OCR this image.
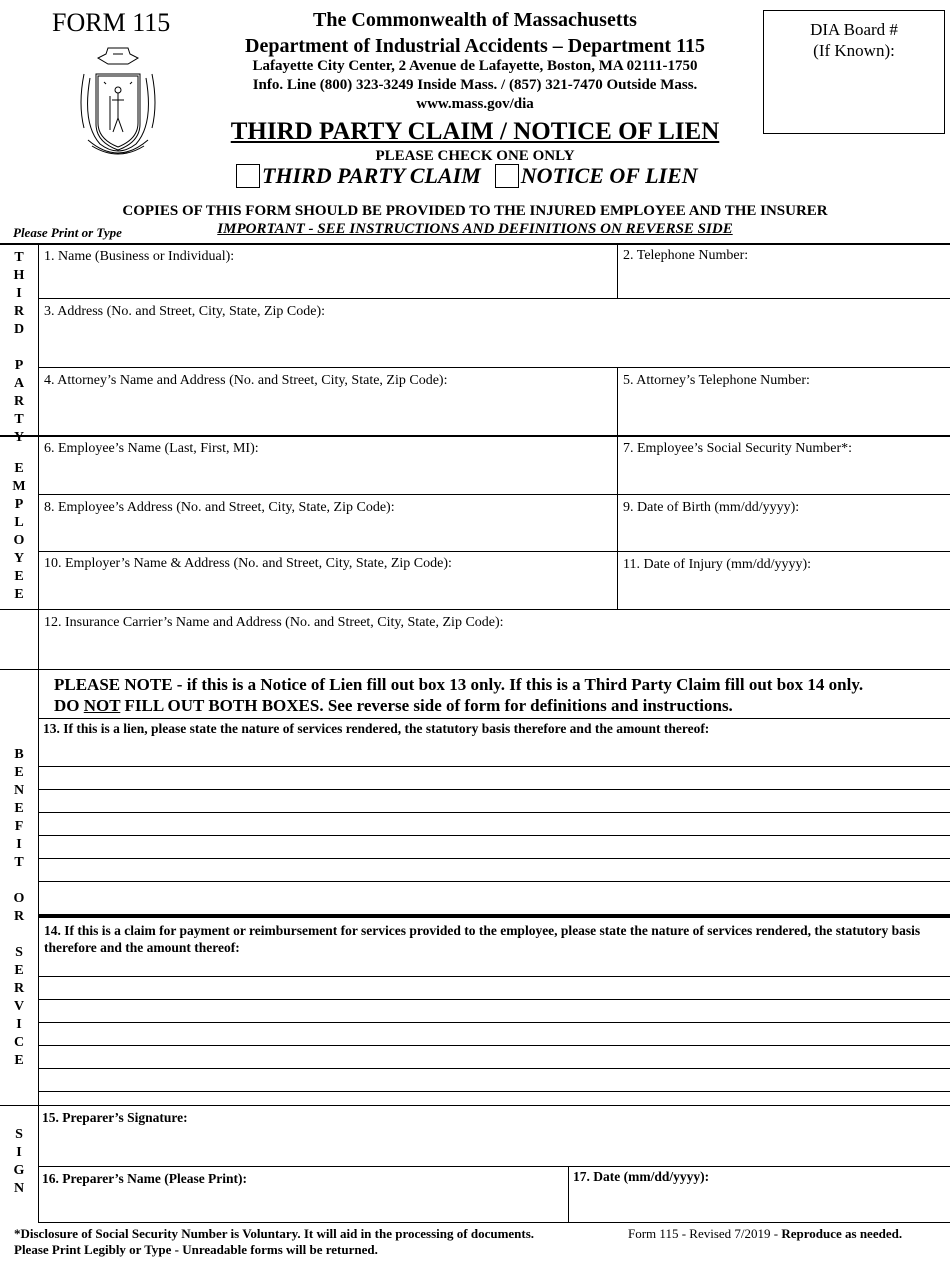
FORM 115	The Commonwealth of Massachusetts
Department of Industrial Accidents – Department 115
Lafayette City Center, 2 Avenue de Lafayette, Boston, MA 02111-1750
Info. Line (800) 323-3249 Inside Mass. / (857) 321-7470 Outside Mass.
www.mass.gov/dia
THIRD PARTY CLAIM / NOTICE OF LIEN
PLEASE CHECK ONE ONLY
THIRD PARTY CLAIM NOTICE OF LIEN
DIA Board #
(If Known):
COPIES OF THIS FORM SHOULD BE PROVIDED TO THE INJURED EMPLOYEE AND THE INSURER
IMPORTANT - SEE INSTRUCTIONS AND DEFINITIONS ON REVERSE SIDE
Please Print or Type
T
H
I
R
D
P
A
R
T
Y
E
M
P
L
O
Y
E
E
B
E
N
E
F
I
T
O
R
S
E
R
V
I
C
E
S
I
G
N
1. Name (Business or Individual):	2. Telephone Number:
3. Address (No. and Street, City, State, Zip Code):
4. Attorney’s Name and Address (No. and Street, City, State, Zip Code):	5. Attorney’s Telephone Number:
6. Employee’s Name (Last, First, MI):	7. Employee’s Social Security Number*:
8. Employee’s Address (No. and Street, City, State, Zip Code):	9. Date of Birth (mm/dd/yyyy):
10. Employer’s Name & Address (No. and Street, City, State, Zip Code):	11. Date of Injury (mm/dd/yyyy):
12. Insurance Carrier’s Name and Address (No. and Street, City, State, Zip Code):
PLEASE NOTE - if this is a Notice of Lien fill out box 13 only. If this is a Third Party Claim fill out box 14 only.
DO NOT FILL OUT BOTH BOXES. See reverse side of form for definitions and instructions.
13. If this is a lien, please state the nature of services rendered, the statutory basis therefore and the amount thereof:
14. If this is a claim for payment or reimbursement for services provided to the employee, please state the nature of services rendered, the statutory basis therefore and the amount thereof:
15. Preparer’s Signature:
16. Preparer’s Name (Please Print):	17. Date (mm/dd/yyyy):
*Disclosure of Social Security Number is Voluntary. It will aid in the processing of documents.
Please Print Legibly or Type - Unreadable forms will be returned.
Form 115 - Revised 7/2019 - Reproduce as needed.
